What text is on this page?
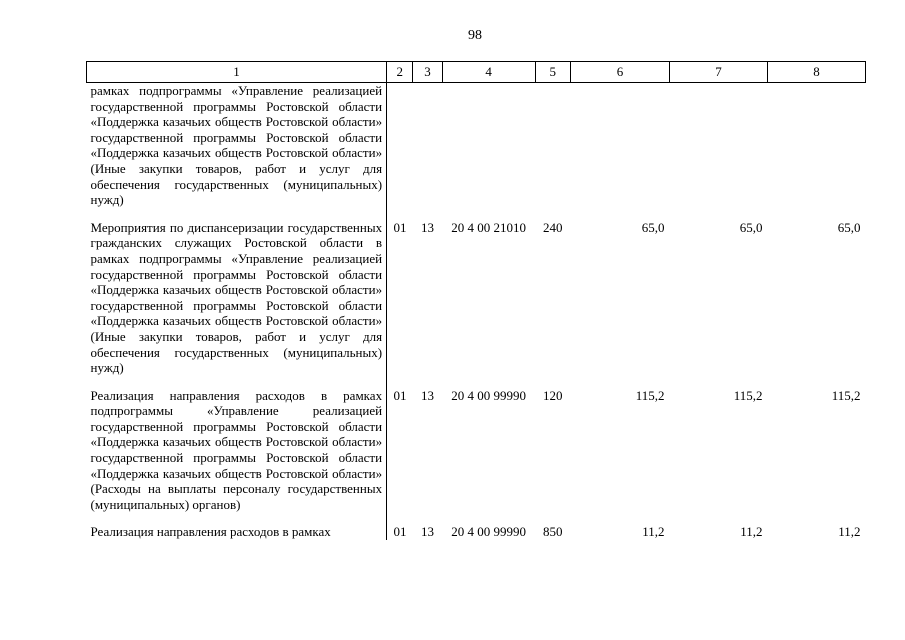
98
1	2	3	4	5	6	7	8
рамках подпрограммы «Управление реализацией государственной программы Ростовской области «Поддержка казачьих обществ Ростовской области» государственной программы Ростовской области «Поддержка казачьих обществ Ростовской области» (Иные закупки товаров, работ и услуг для обеспечения государственных (муниципальных) нужд)							
Мероприятия по диспансеризации государственных гражданских служащих Ростовской области в рамках подпрограммы «Управление реализацией государственной программы Ростовской области «Поддержка казачьих обществ Ростовской области» государственной программы Ростовской области «Поддержка казачьих обществ Ростовской области» (Иные закупки товаров, работ и услуг для обеспечения государственных (муниципальных) нужд)	01	13	20 4 00 21010	240	65,0	65,0	65,0
Реализация направления расходов в рамках подпрограммы «Управление реализацией государственной программы Ростовской области «Поддержка казачьих обществ Ростовской области» государственной программы Ростовской области «Поддержка казачьих обществ Ростовской области» (Расходы на выплаты персоналу государственных (муниципальных) органов)	01	13	20 4 00 99990	120	115,2	115,2	115,2
Реализация направления расходов в рамках	01	13	20 4 00 99990	850	11,2	11,2	11,2
